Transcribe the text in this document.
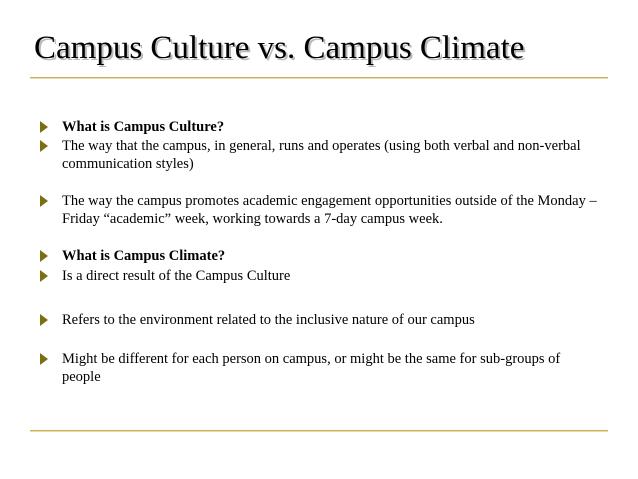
Campus Culture vs. Campus Climate
What is Campus Culture?
The way that the campus, in general, runs and operates (using both verbal and non-verbal communication styles)
The way the campus promotes academic engagement opportunities outside of the Monday – Friday “academic” week, working towards a 7-day campus week.
What is Campus Climate?
Is a direct result of the Campus Culture
Refers to the environment related to the inclusive nature of our campus
Might be different for each person on campus, or might be the same for sub-groups of people
